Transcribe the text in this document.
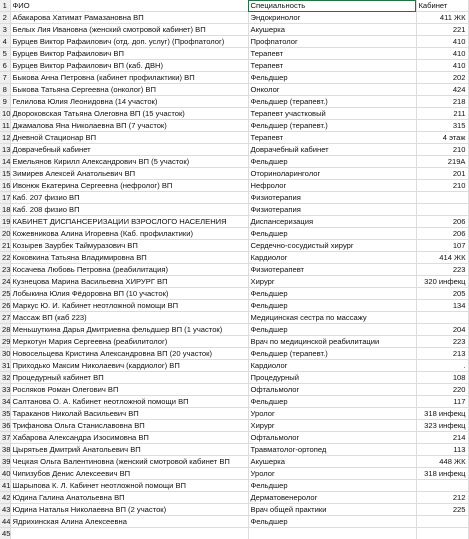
1	ФИО	Специальность	Кабинет
2	Абакарова Хатимат Рамазановна ВП	Эндокринолог	411 ЖК
3	Белых Лия Ивановна (женский смотровой кабинет) ВП	Акушерка	221
4	Бурцев Виктор Рафаилович (отд. доп. услуг) (Профпатолог)	Профпатолог	410
5	Бурцев Виктор Рафаилович ВП	Терапевт	410
6	Бурцев Виктор Рафаилович ВП (каб. ДВН)	Терапевт	410
7	Быкова Анна Петровна (кабинет профилактики) ВП	Фельдшер	202
8	Быкова Татьяна Сергеевна (онколог) ВП	Онколог	424
9	Гелилова Юлия Леонидовна (14 участок)	Фельдшер (терапевт.)	218
10	Двороковская Татьяна Олеговна ВП (15 участок)	Терапевт участковый	211
11	Джамалова Яна Николаевна ВП (7 участок)	Фельдшер (терапевт.)	315
12	Дневной Стационар ВП	Терапевт	4 этаж
13	Доврачебный кабинет	Доврачебный кабинет	210
14	Емельянов Кирилл Александрович ВП (5 участок)	Фельдшер	219А
15	Зимирев Алексей Анатольевич ВП	Оториноларинголог	201
16	Ивонюк Екатерина Сергеевна (нефролог) ВП	Нефролог	210
17	Каб. 207 физио ВП	Физиотерапия	
18	Каб. 208 физио ВП	Физиотерапия	
19	КАБИНЕТ ДИСПАНСЕРИЗАЦИИ ВЗРОСЛОГО НАСЕЛЕНИЯ	Диспансеризация	206
20	Кожевникова Алина Игоревна (Каб. профилактики)	Фельдшер	206
21	Козырев Заурбек Таймуразович ВП	Сердечно-сосудистый хирург	107
22	Коковкина Татьяна Владимировна ВП	Кардиолог	414 ЖК
23	Косачева Любовь Петровна (реабилитация)	Физиотерапевт	223
24	Кузнецова Марина Васильевна ХИРУРГ ВП	Хирург	320 инфекц
25	Лобыкина Юлия Фёдоровна ВП (10 участок)	Фельдшер	205
26	Маркус Ю. И. Кабинет неотложной помощи ВП	Фельдшер	134
27	Массаж ВП (каб 223)	Медицинская сестра по массажу	
28	Меньшуткина Дарья Дмитриевна фельдшер ВП (1 участок)	Фельдшер	204
29	Меркотун Мария Сергеевна (реабилитолог)	Врач по медицинской реабилитации	223
30	Новосельцева Кристина Александровна ВП (20 участок)	Фельдшер (терапевт.)	213
31	Приходько Максим Николаевич (кардиолог) ВП	Кардиолог	.
32	Процедурный кабинет ВП	Процедурный	108
33	Росляков Роман Олегович ВП	Офтальмолог	220
34	Салтанова О. А. Кабинет неотложной помощи ВП	Фельдшер	117
35	Тараканов Николай Васильевич ВП	Уролог	318 инфекц
36	Трифанова Ольга Станиславовна ВП	Хирург	323 инфекц
37	Хабарова Александра Изосимовна ВП	Офтальмолог	214
38	Цырятьев Дмитрий Анатольевич ВП	Травматолог-ортопед	113
39	Чецкая Ольга Валентиновна (женский смотровой кабинет ВП	Акушерка	448 ЖК
40	Чипизубов Денис Алексеевич ВП	Уролог	318 инфекц
41	Шарыпова К. Л. Кабинет неотложной помощи ВП	Фельдшер	
42	Юдина Галина Анатольевна ВП	Дерматовенеролог	212
43	Юдина Наталья Николаевна ВП (2 участок)	Врач общей практики	225
44	Ядрихинская Алина Алексеевна	Фельдшер	
45			
